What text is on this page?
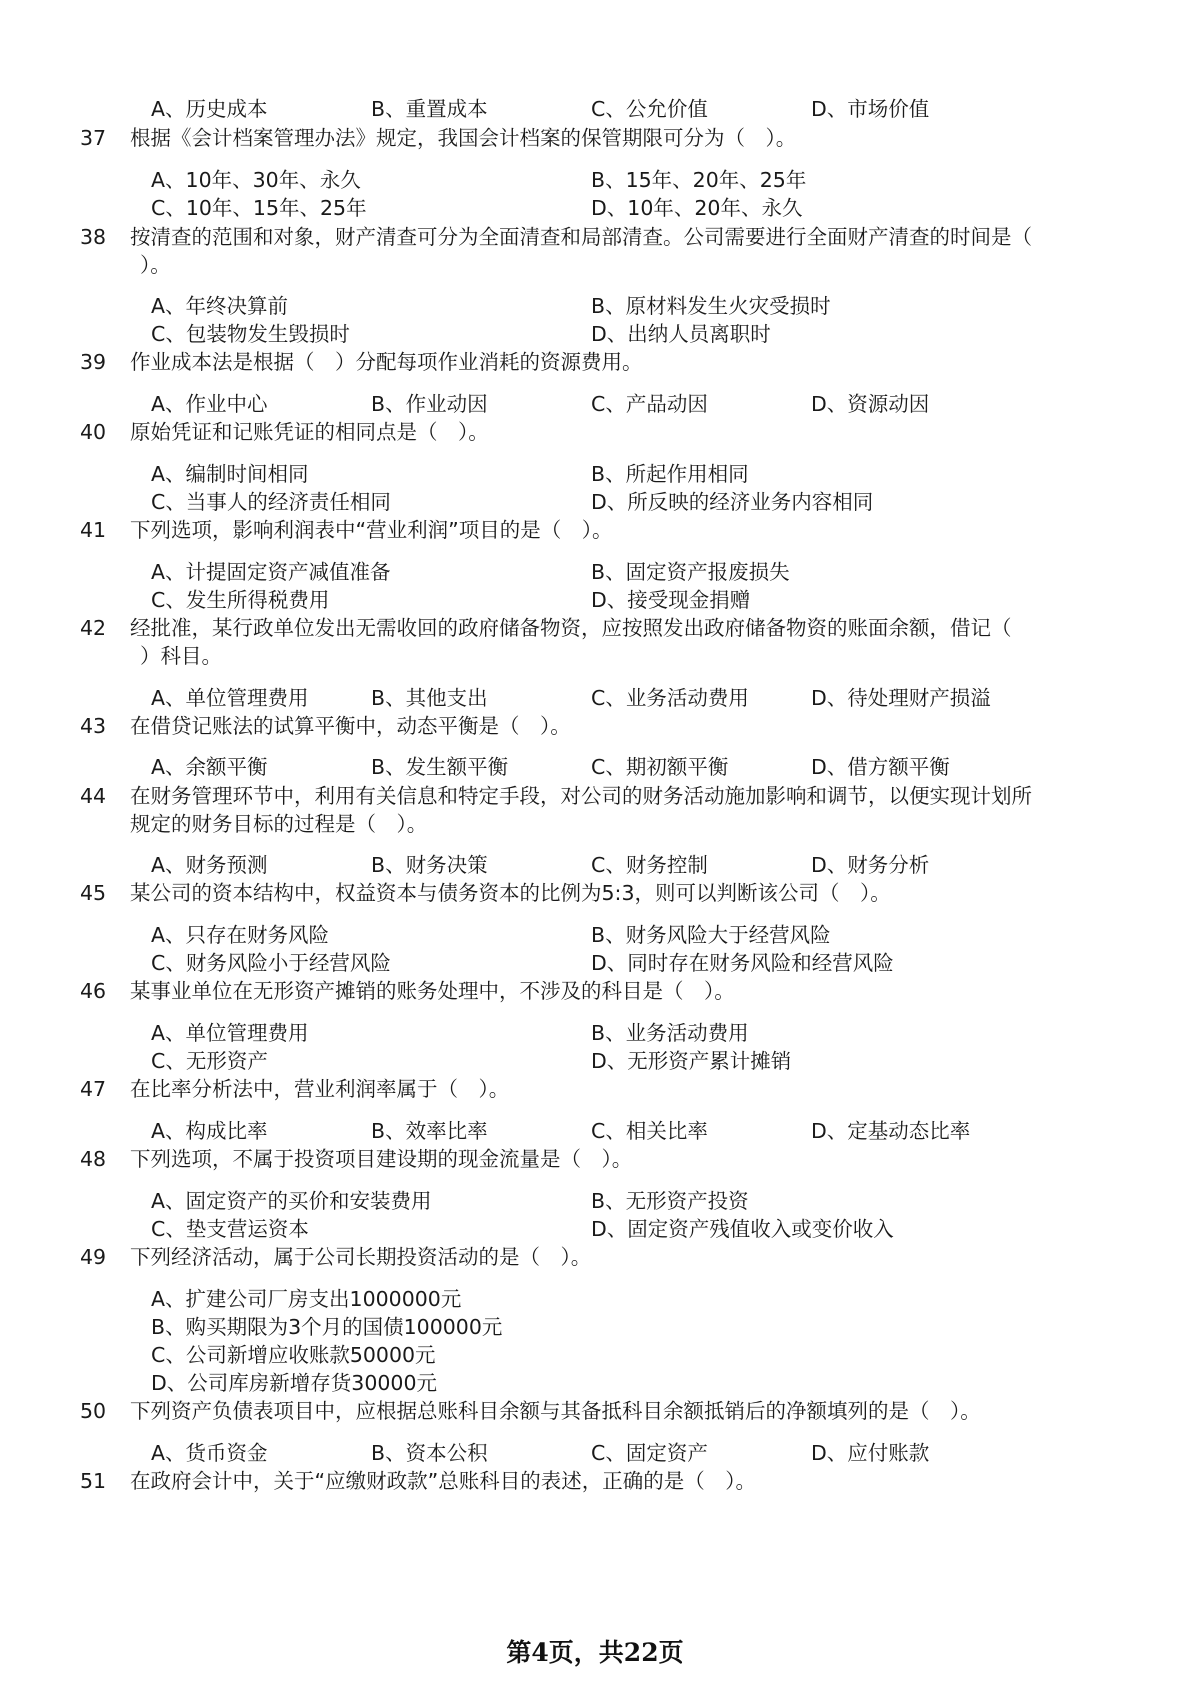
A、历史成本	B、重置成本	C、公允价值	D、市场价值
37 根据《会计档案管理办法》规定，我国会计档案的保管期限可分为（　）。
A、10年、30年、永久	B、15年、20年、25年
C、10年、15年、25年	D、10年、20年、永久
38 按清查的范围和对象，财产清查可分为全面清查和局部清查。公司需要进行全面财产清查的时间是（
）。
A、年终决算前	B、原材料发生火灾受损时
C、包装物发生毁损时	D、出纳人员离职时
39 作业成本法是根据（　）分配每项作业消耗的资源费用。
A、作业中心	B、作业动因	C、产品动因	D、资源动因
40 原始凭证和记账凭证的相同点是（　）。
A、编制时间相同	B、所起作用相同
C、当事人的经济责任相同	D、所反映的经济业务内容相同
41 下列选项，影响利润表中“营业利润”项目的是（　）。
A、计提固定资产减值准备	B、固定资产报废损失
C、发生所得税费用	D、接受现金捐赠
42 经批准，某行政单位发出无需收回的政府储备物资，应按照发出政府储备物资的账面余额，借记（
）科目。
A、单位管理费用	B、其他支出	C、业务活动费用	D、待处理财产损溢
43 在借贷记账法的试算平衡中，动态平衡是（　）。
A、余额平衡	B、发生额平衡	C、期初额平衡	D、借方额平衡
44 在财务管理环节中，利用有关信息和特定手段，对公司的财务活动施加影响和调节，以便实现计划所
规定的财务目标的过程是（　）。
A、财务预测	B、财务决策	C、财务控制	D、财务分析
45 某公司的资本结构中，权益资本与债务资本的比例为5:3，则可以判断该公司（　）。
A、只存在财务风险	B、财务风险大于经营风险
C、财务风险小于经营风险	D、同时存在财务风险和经营风险
46 某事业单位在无形资产摊销的账务处理中，不涉及的科目是（　）。
A、单位管理费用	B、业务活动费用
C、无形资产	D、无形资产累计摊销
47 在比率分析法中，营业利润率属于（　）。
A、构成比率	B、效率比率	C、相关比率	D、定基动态比率
48 下列选项，不属于投资项目建设期的现金流量是（　）。
A、固定资产的买价和安装费用	B、无形资产投资
C、垫支营运资本	D、固定资产残值收入或变价收入
49 下列经济活动，属于公司长期投资活动的是（　）。
A、扩建公司厂房支出1000000元
B、购买期限为3个月的国债100000元
C、公司新增应收账款50000元
D、公司库房新增存货30000元
50 下列资产负债表项目中，应根据总账科目余额与其备抵科目余额抵销后的净额填列的是（　）。
A、货币资金	B、资本公积	C、固定资产	D、应付账款
51 在政府会计中，关于“应缴财政款”总账科目的表述，正确的是（　）。
第4页，共22页
